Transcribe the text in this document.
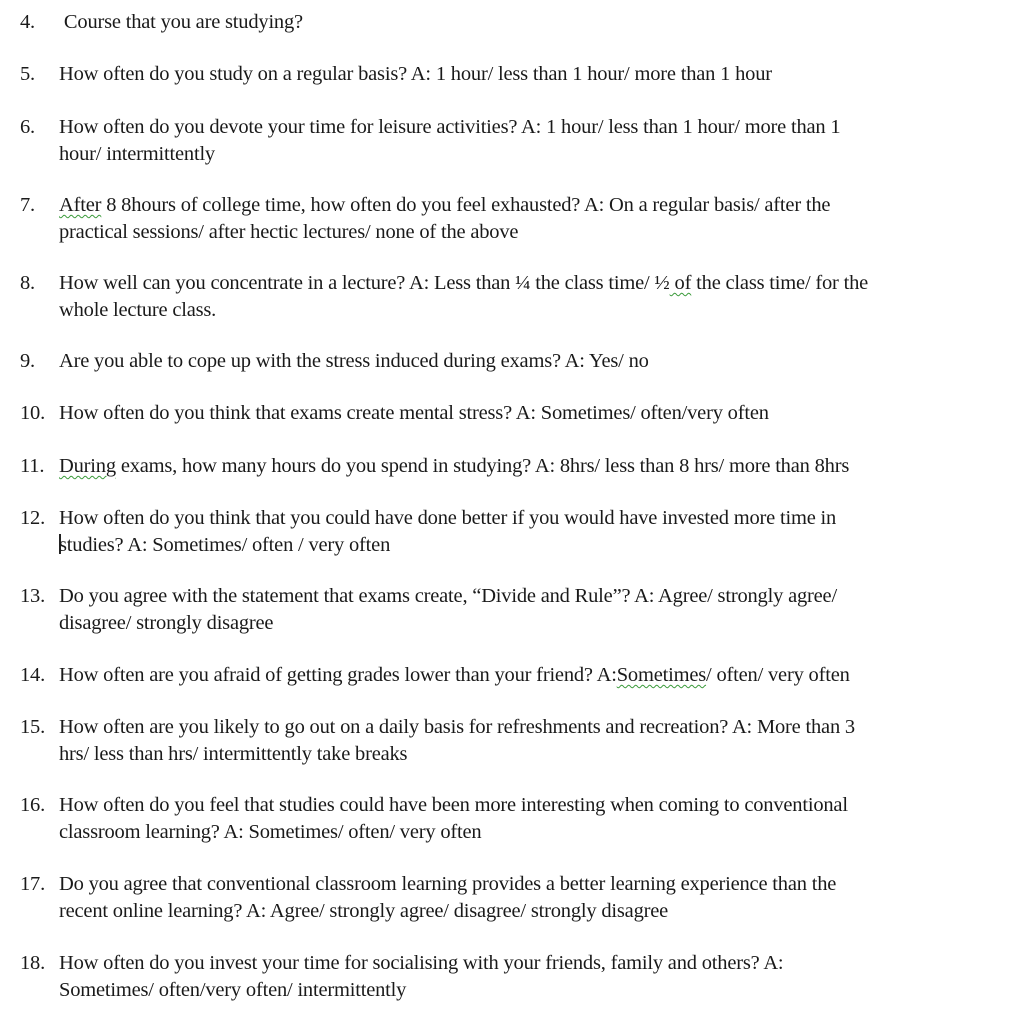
4. Course that you are studying?
5. How often do you study on a regular basis? A: 1 hour/ less than 1 hour/ more than 1 hour
6. How often do you devote your time for leisure activities? A: 1 hour/ less than 1 hour/ more than 1
hour/ intermittently
7. After 8 8hours of college time, how often do you feel exhausted? A: On a regular basis/ after the
practical sessions/ after hectic lectures/ none of the above
8. How well can you concentrate in a lecture? A: Less than ¼ the class time/ ½ of the class time/ for the
whole lecture class.
9. Are you able to cope up with the stress induced during exams? A: Yes/ no
10. How often do you think that exams create mental stress? A: Sometimes/ often/very often
11. During exams, how many hours do you spend in studying? A: 8hrs/ less than 8 hrs/ more than 8hrs
12. How often do you think that you could have done better if you would have invested more time in
studies? A: Sometimes/ often / very often
13. Do you agree with the statement that exams create, “Divide and Rule”? A: Agree/ strongly agree/
disagree/ strongly disagree
14. How often are you afraid of getting grades lower than your friend? A:Sometimes/ often/ very often
15. How often are you likely to go out on a daily basis for refreshments and recreation? A: More than 3
hrs/ less than hrs/ intermittently take breaks
16. How often do you feel that studies could have been more interesting when coming to conventional
classroom learning? A: Sometimes/ often/ very often
17. Do you agree that conventional classroom learning provides a better learning experience than the
recent online learning? A: Agree/ strongly agree/ disagree/ strongly disagree
18. How often do you invest your time for socialising with your friends, family and others? A:
Sometimes/ often/very often/ intermittently
